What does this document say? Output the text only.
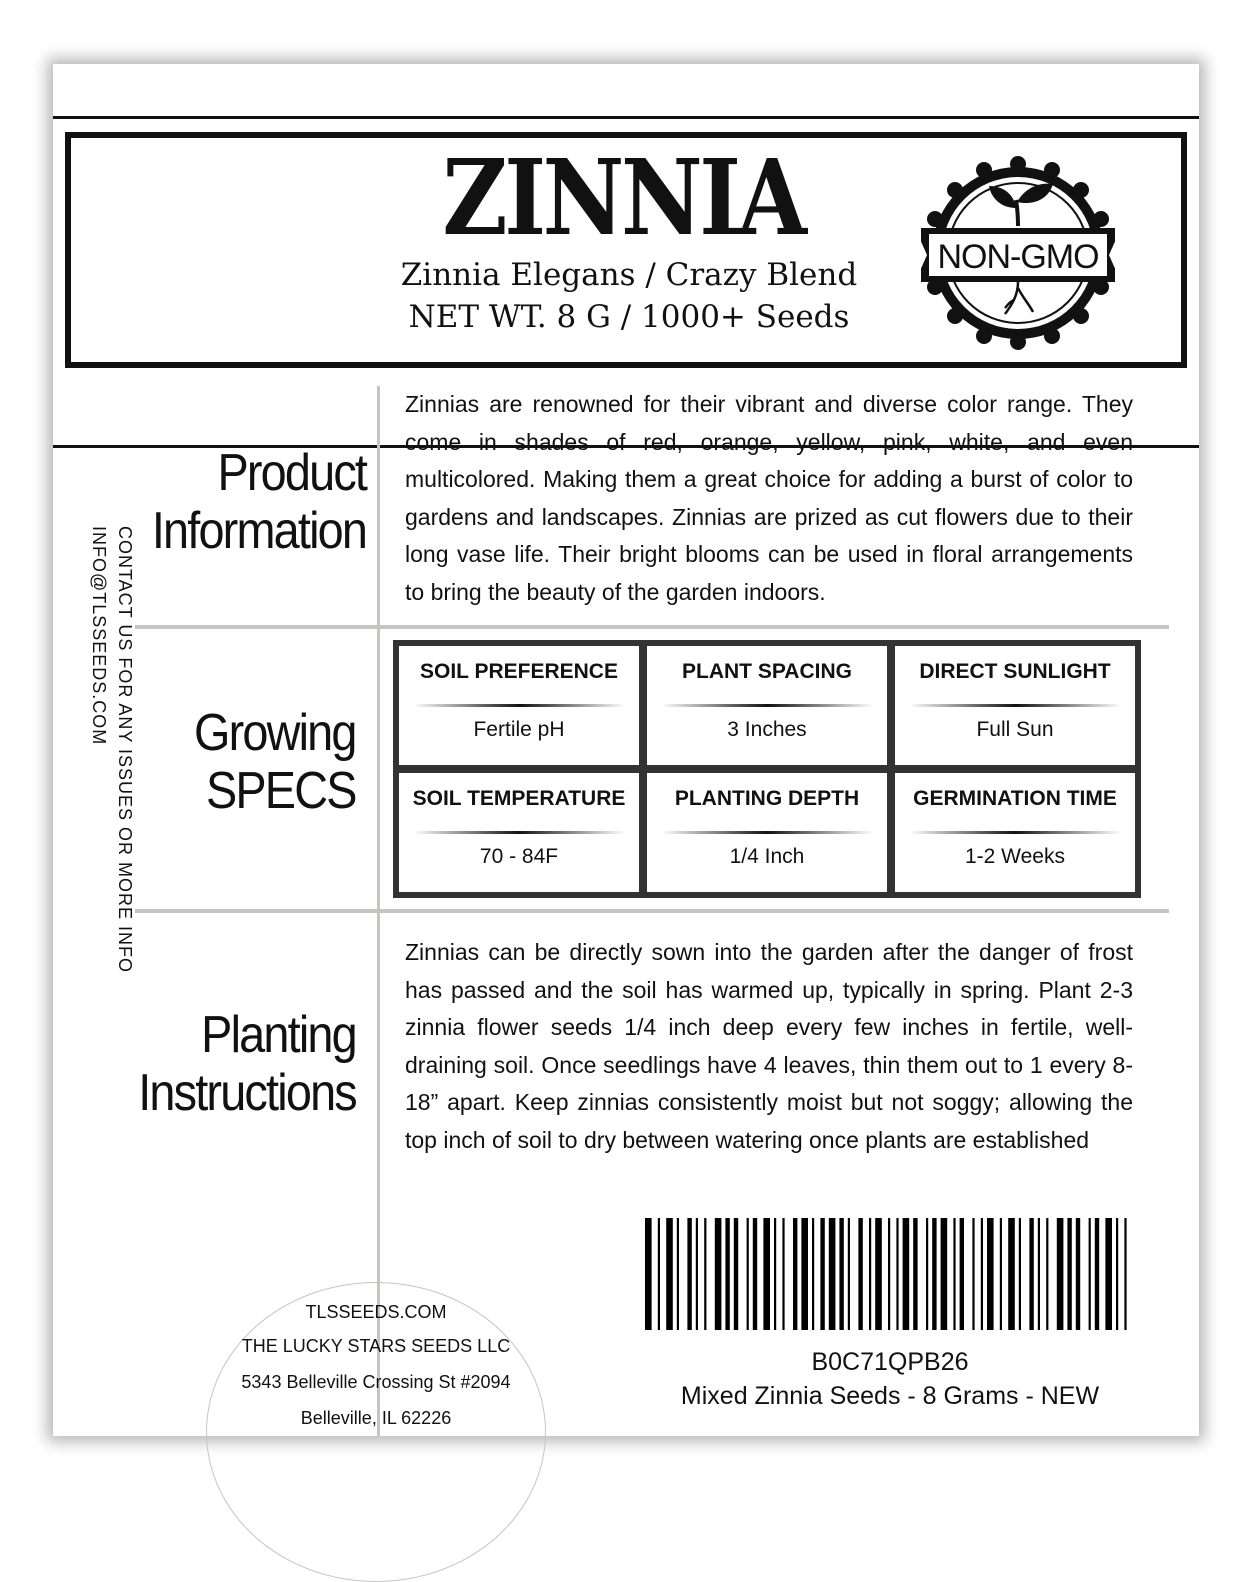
ZINNIA
Zinnia Elegans / Crazy Blend
NET WT. 8 G / 1000+ Seeds
NON-GMO
CONTACT US FOR ANY ISSUES OR MORE INFO
INFO@TLSSEEDS.COM
Product
Information
Zinnias are renowned for their vibrant and diverse color range. They come in shades of red, orange, yellow, pink, white, and even multicolored. Making them a great choice for adding a burst of color to gardens and landscapes. Zinnias are prized as cut flowers due to their long vase life. Their bright blooms can be used in floral arrangements to bring the beauty of the garden indoors.
Growing
SPECS
SOIL PREFERENCE
Fertile pH
PLANT SPACING
3 Inches
DIRECT SUNLIGHT
Full Sun
SOIL TEMPERATURE
70 - 84F
PLANTING DEPTH
1/4 Inch
GERMINATION TIME
1-2 Weeks
Planting
Instructions
Zinnias can be directly sown into the garden after the danger of frost has passed and the soil has warmed up, typically in spring. Plant 2-3 zinnia flower seeds 1/4 inch deep every few inches in fertile, well-draining soil. Once seedlings have 4 leaves, thin them out to 1 every 8-18” apart. Keep zinnias consistently moist but not soggy; allowing the top inch of soil to dry between watering once plants are established
B0C71QPB26
Mixed Zinnia Seeds - 8 Grams - NEW
TLSSEEDS.COM
THE LUCKY STARS SEEDS LLC
5343 Belleville Crossing St #2094
Belleville, IL 62226
